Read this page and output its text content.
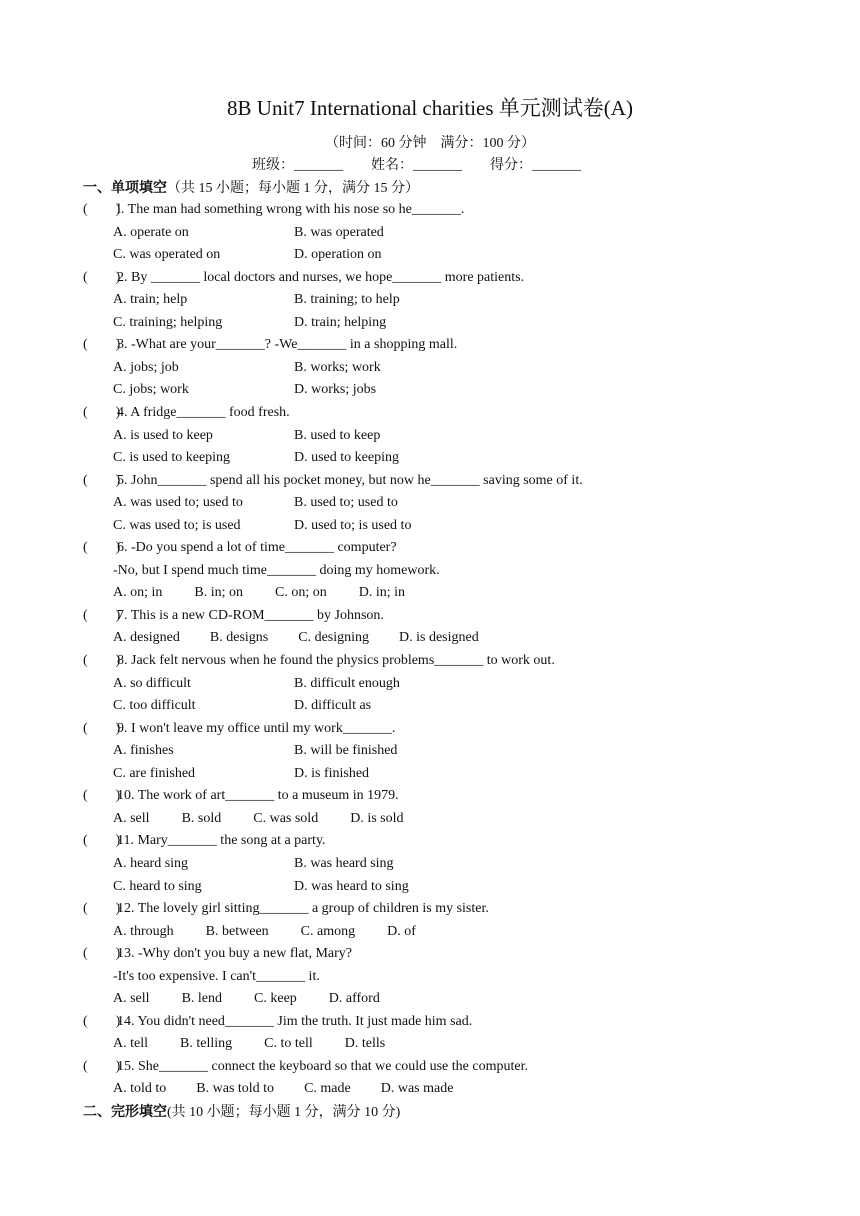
8B Unit7 International charities 单元测试卷(A)
（时间：60 分钟　满分：100 分）
班级：_______ 姓名：_______ 得分：_______
一、单项填空（共 15 小题；每小题 1 分，满分 15 分）
(　　)
l. The man had something wrong with his nose so he_______.
A. operate on	B. was operated
C. was operated on	D. operation on
(　　)
2. By _______ local doctors and nurses, we hope_______ more patients.
A. train; help	B. training; to help
C. training; helping	D. train; helping
(　　)
3. -What are your_______? -We_______ in a shopping mall.
A. jobs; job	B. works; work
C. jobs; work	D. works; jobs
(　　)
4. A fridge_______ food fresh.
A. is used to keep	B. used to keep
C. is used to keeping	D. used to keeping
(　　)
5. John_______ spend all his pocket money, but now he_______ saving some of it.
A. was used to; used to	B. used to; used to
C. was used to; is used	D. used to; is used to
(　　)
6. -Do you spend a lot of time_______ computer?
-No, but I spend much time_______ doing my homework.
A. on; in B. in; on C. on; on D. in; in
(　　)
7. This is a new CD-ROM_______ by Johnson.
A. designed B. designs C. designing D. is designed
(　　)
8. Jack felt nervous when he found the physics problems_______ to work out.
A. so difficult	B. difficult enough
C. too difficult	D. difficult as
(　　)
9. I won't leave my office until my work_______.
A. finishes	B. will be finished
C. are finished	D. is finished
(　　)
10. The work of art_______ to a museum in 1979.
A. sell B. sold C. was sold D. is sold
(　　)
11. Mary_______ the song at a party.
A. heard sing	B. was heard sing
C. heard to sing	D. was heard to sing
(　　)
12. The lovely girl sitting_______ a group of children is my sister.
A. through B. between C. among D. of
(　　)
13. -Why don't you buy a new flat, Mary?
-It's too expensive. I can't_______ it.
A. sell B. lend C. keep D. afford
(　　)
14. You didn't need_______ Jim the truth. It just made him sad.
A. tell B. telling C. to tell D. tells
(　　)
15. She_______ connect the keyboard so that we could use the computer.
A. told to B. was told to C. made D. was made
二、完形填空(共 10 小题；每小题 1 分，满分 10 分)
